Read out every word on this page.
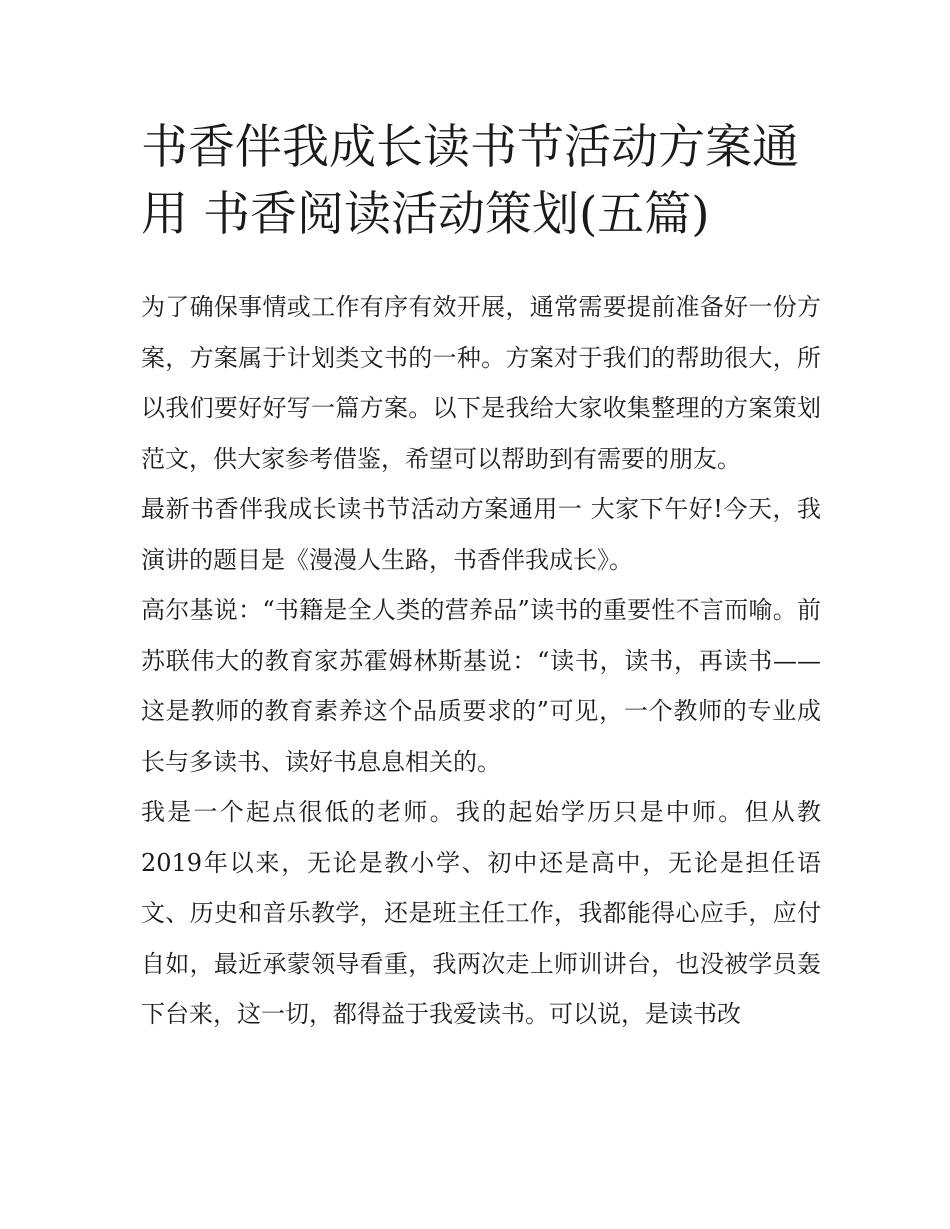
书香伴我成长读书节活动方案通用 书香阅读活动策划(五篇)

为了确保事情或工作有序有效开展，通常需要提前准备好一份方案，方案属于计划类文书的一种。方案对于我们的帮助很大，所以我们要好好写一篇方案。以下是我给大家收集整理的方案策划范文，供大家参考借鉴，希望可以帮助到有需要的朋友。

最新书香伴我成长读书节活动方案通用一 大家下午好!今天，我演讲的题目是《漫漫人生路，书香伴我成长》。

高尔基说：“书籍是全人类的营养品”读书的重要性不言而喻。前苏联伟大的教育家苏霍姆林斯基说：“读书，读书，再读书——这是教师的教育素养这个品质要求的”可见，一个教师的专业成长与多读书、读好书息息相关的。

我是一个起点很低的老师。我的起始学历只是中师。但从教2019年以来，无论是教小学、初中还是高中，无论是担任语文、历史和音乐教学，还是班主任工作，我都能得心应手，应付自如，最近承蒙领导看重，我两次走上师训讲台，也没被学员轰下台来，这一切，都得益于我爱读书。可以说，是读书改
